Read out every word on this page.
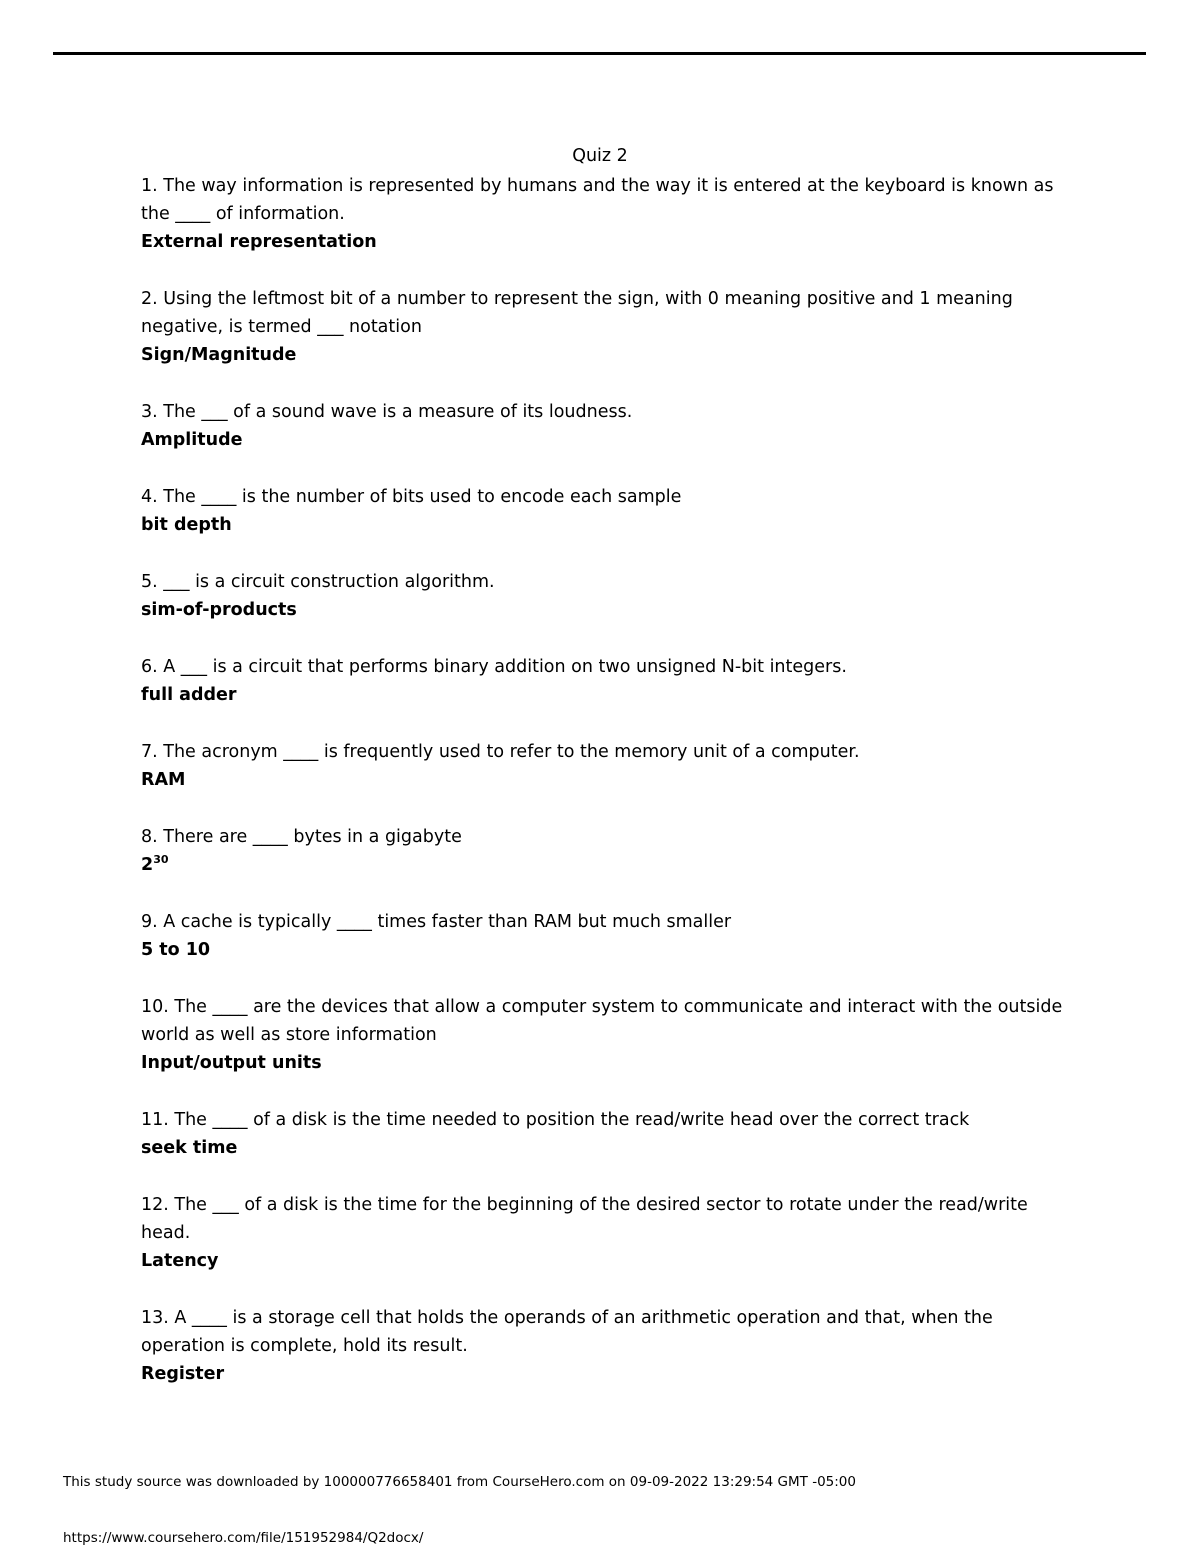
Quiz 2

1. The way information is represented by humans and the way it is entered at the keyboard is known as the ____ of information.

External representation

2. Using the leftmost bit of a number to represent the sign, with 0 meaning positive and 1 meaning negative, is termed ___ notation

Sign/Magnitude

3. The ___ of a sound wave is a measure of its loudness.

Amplitude

4. The ____ is the number of bits used to encode each sample

bit depth

5. ___ is a circuit construction algorithm.

sim-of-products

6. A ___ is a circuit that performs binary addition on two unsigned N-bit integers.

full adder

7. The acronym ____ is frequently used to refer to the memory unit of a computer.

RAM

8. There are ____ bytes in a gigabyte

$2^{30}$

9. A cache is typically ____ times faster than RAM but much smaller

5 to 10

10. The ____ are the devices that allow a computer system to communicate and interact with the outside world as well as store information

Input/output units

11. The ____ of a disk is the time needed to position the read/write head over the correct track

seek time

12. The ___ of a disk is the time for the beginning of the desired sector to rotate under the read/write head.

Latency

13. A ____ is a storage cell that holds the operands of an arithmetic operation and that, when the operation is complete, hold its result.

Register

This study source was downloaded by 100000776658401 from CourseHero.com on 09-09-2022 13:29:54 GMT -05:00
https://www.coursehero.com/file/151952984/Q2docx/
